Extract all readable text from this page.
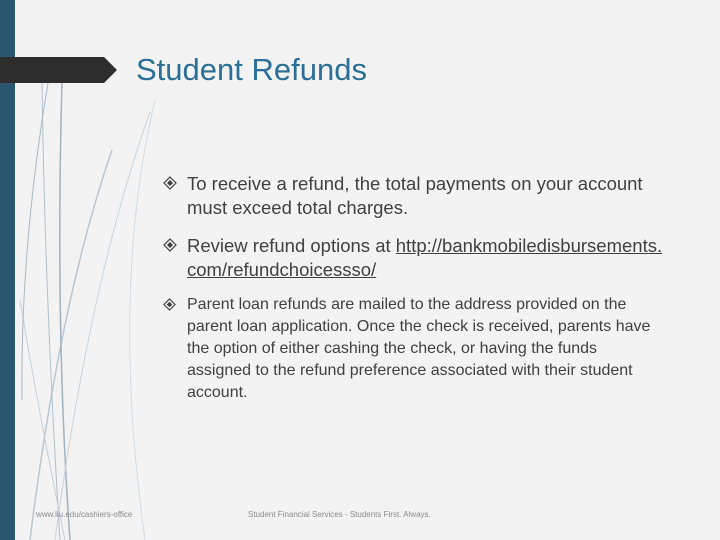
Student Refunds
To receive a refund, the total payments on your account must exceed total charges.
Review refund options at http://bankmobiledisbursements.com/refundchoicessso/
Parent loan refunds are mailed to the address provided on the parent loan application. Once the check is received, parents have the option of either cashing the check, or having the funds assigned to the refund preference associated with their student account.
www.liu.edu/cashiers-office	Student Financial Services - Students First. Always.
